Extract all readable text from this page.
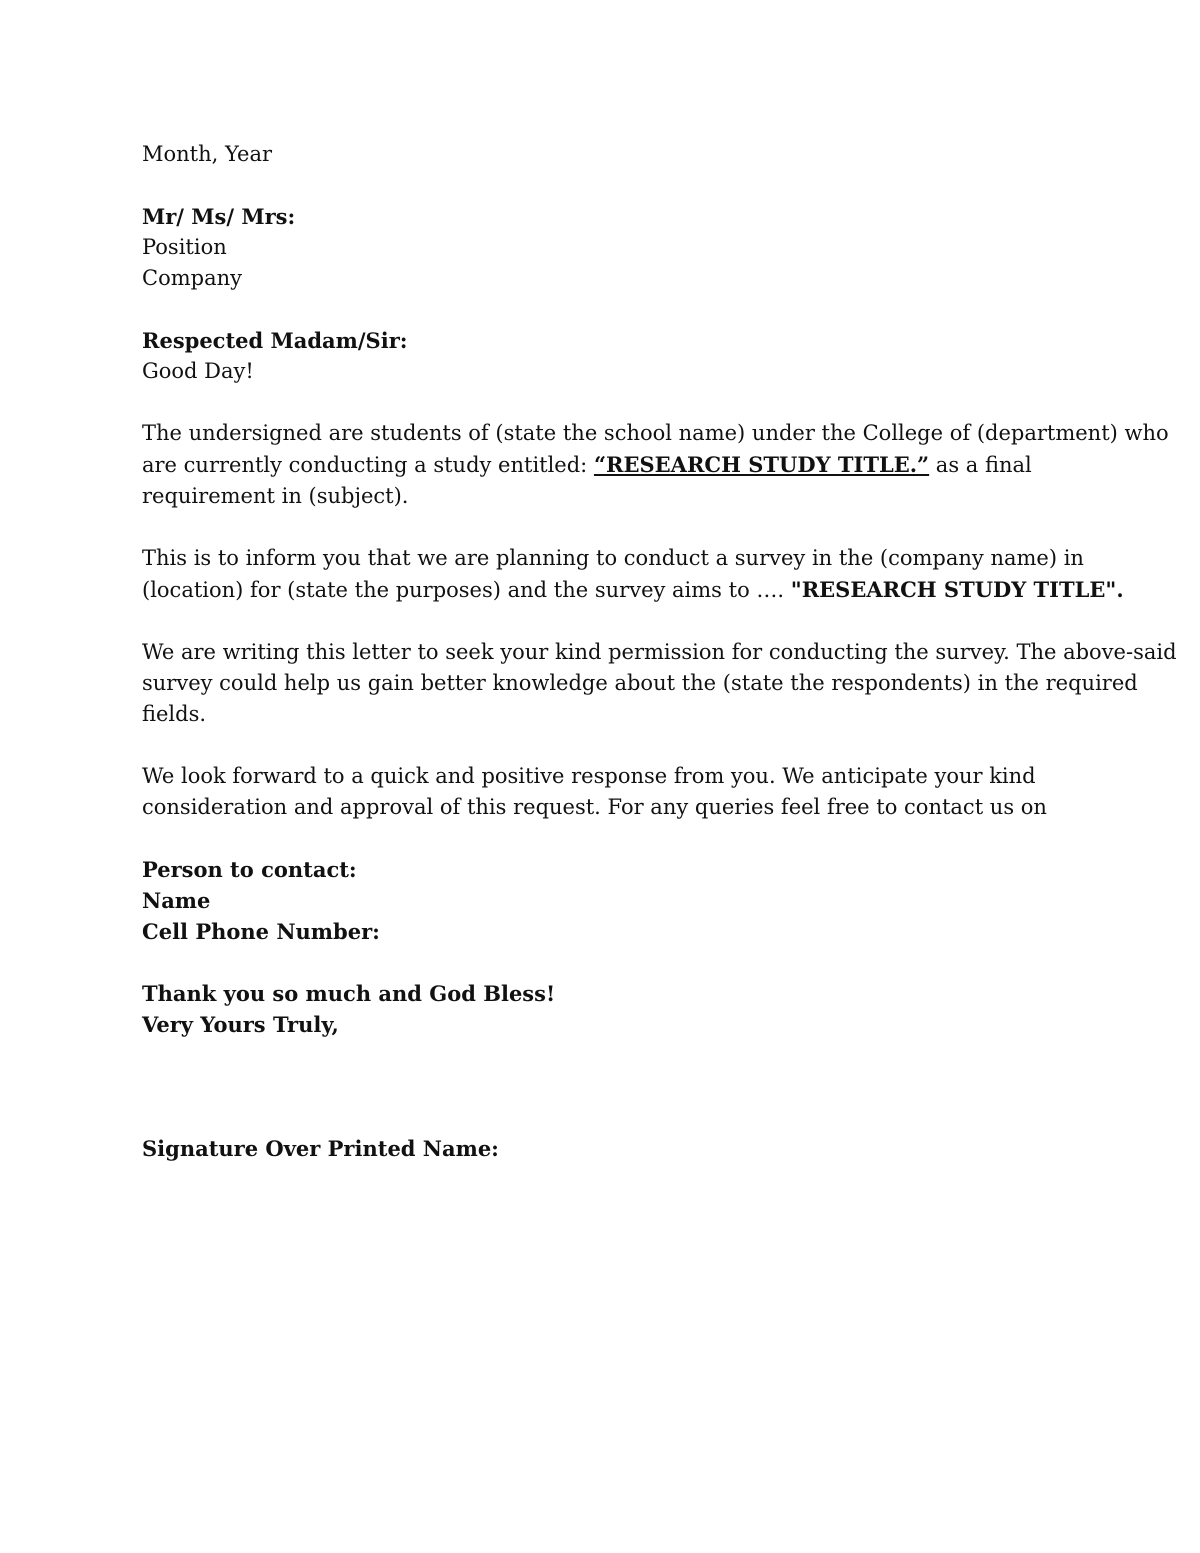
Month, Year
Mr/ Ms/ Mrs:
Position
Company
Respected Madam/Sir:
Good Day!
The undersigned are students of (state the school name) under the College of (department) who
are currently conducting a study entitled: “RESEARCH STUDY TITLE.” as a final
requirement in (subject).
This is to inform you that we are planning to conduct a survey in the (company name) in
(location) for (state the purposes) and the survey aims to …. "RESEARCH STUDY TITLE".
We are writing this letter to seek your kind permission for conducting the survey. The above-said
survey could help us gain better knowledge about the (state the respondents) in the required
fields.
We look forward to a quick and positive response from you. We anticipate your kind
consideration and approval of this request. For any queries feel free to contact us on
Person to contact:
Name
Cell Phone Number:
Thank you so much and God Bless!
Very Yours Truly,
Signature Over Printed Name:
